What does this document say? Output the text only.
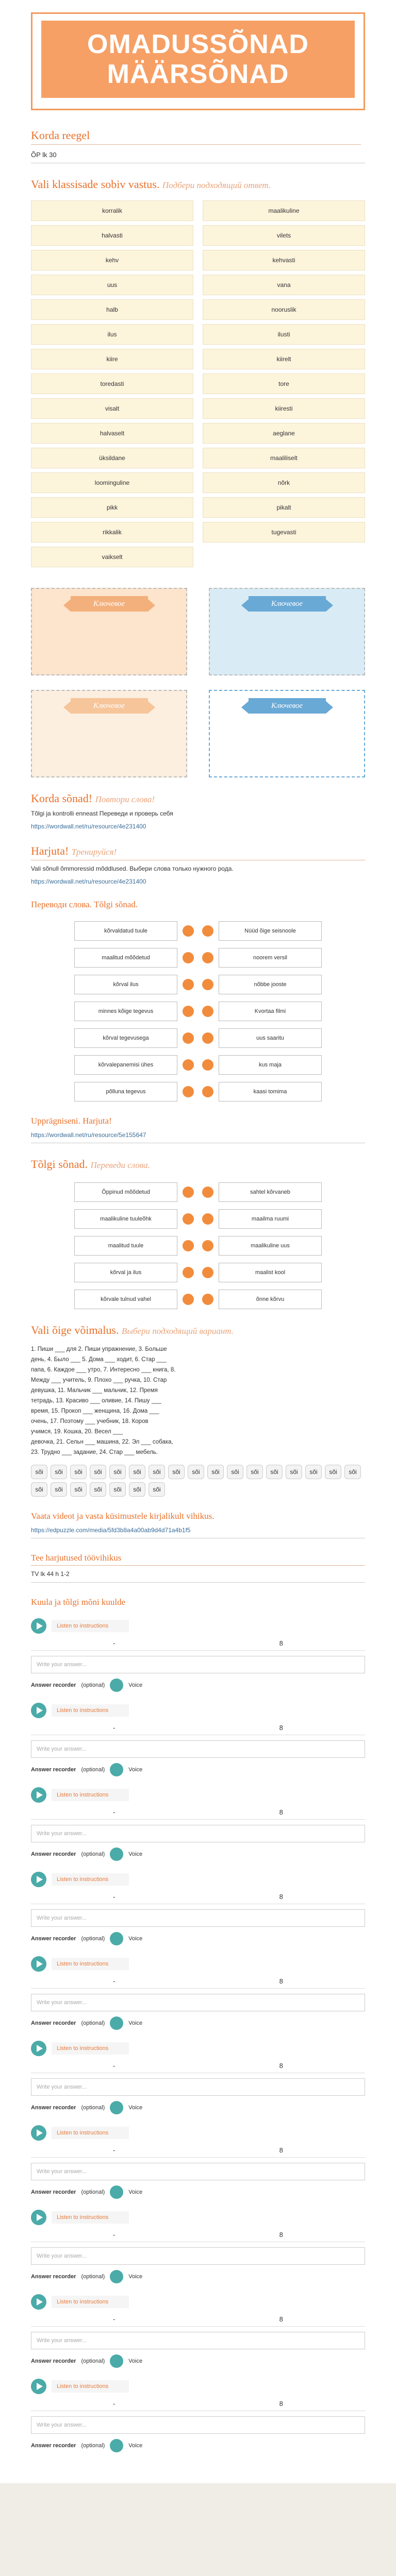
OMADUSSÕNAD
MÄÄRSÕNAD
Korda reegel
ÕP lk 30
Vali klassisade sobiv vastus. Пoдбери подходящий ответ.
korralik	maalikuline
halvasti	vilets
kehv	kehvasti
uus	vana
halb	nooruslik
ilus	ilusti
kiire	kiirelt
toredasti	tore
visalt	kiiresti
halvaselt	aeglane
üksildane	maaliliselt
loominguline	nõrk
pikk	pikalt
rikkalik	tugevasti
vaikselt
Ключевое	Ключевое
Ключевое	Ключевое
Korda sõnad! Повтори слова!
Tõlgi ja kontrolli enneast Переведи и проверь себя
https://wordwall.net/ru/resource/4e231400
Harjuta! Тренируйся!
Vali sõnull õmmoressid mõddlused. Выбери слова только нужного рода.
https://wordwall.net/ru/resource/4e231400
Переводи слова. Tõlgi sõnad.
kõrvaldatud tuule	Nüüd õige seisnoole
maalitud mõõdetud	noorem versil
kõrval ilus	nõbbe jooste
minnes kõige tegevus	Kvortaa filmi
kõrval tegevusega	uus saaritu
kõrvalepanemisi ühes	kus maja
põlluna tegevus	kaasi tomima
Upprägniseni. Harjuta!
https://wordwall.net/ru/resource/5e155647
Tõlgi sõnad. Переведи слова.
Õppinud mõõdetud	sahtel kõrvaneb
maalikuline tuuleõhk	maailma ruumi
maalitud tuule	maalikuline uus
kõrval ja ilus	maalist kool
kõrvale tulnud vahel	õnne kõrvu
Vali õige võimalus. Выбери подходящий вариант.
1. Пиши ___ для 2. Пиши упражнение, 3. Бoльше
день, 4. Было ___ 5. Дома ___ ходит, 6. Стар ___
папа, 6. Каждое ___ утро, 7. Интересно ___ книга, 8.
Между ___ учитель, 9. Плохо ___ ручка, 10. Стар
девушка, 11. Мальчик ___ мальчик, 12. Премя
тетрадь, 13. Красиво ___ оливие, 14. Пишу ___
время, 15. Прокоп ___ женщина, 16. Дома ___
очень, 17. Поэтому ___ учебник, 18. Коров
учимся, 19. Кошка, 20. Весел ___
девочка, 21. Сельн ___ машина, 22. Эл ___ собака,
23. Трудно ___ задание, 24. Стар ___ мебель.
sõi	sõi	sõi	sõi	sõi	sõi	sõi	sõi	sõi	sõi	sõi	sõi	sõi	sõi	sõi	sõi	sõi
sõi	sõi	sõi	sõi	sõi	sõi	sõi
Vaata videot ja vasta küsimustele kirjalikult vihikus.
https://edpuzzle.com/media/5fd3b8a4a00ab9d4d71a4b1f5
Tee harjutused töövihikus
TV lk 44 h 1-2
Kuula ja tõlgi mõni kuulde
Listen to instructions
-	8
Write your answer...
Answer recorder (optional)	Voice
Listen to instructions
-	8
Write your answer...
Answer recorder (optional)	Voice
Listen to instructions
-	8
Write your answer...
Answer recorder (optional)	Voice
Listen to instructions
-	8
Write your answer...
Answer recorder (optional)	Voice
Listen to instructions
-	8
Write your answer...
Answer recorder (optional)	Voice
Listen to instructions
-	8
Write your answer...
Answer recorder (optional)	Voice
Listen to instructions
-	8
Write your answer...
Answer recorder (optional)	Voice
Listen to instructions
-	8
Write your answer...
Answer recorder (optional)	Voice
Listen to instructions
-	8
Write your answer...
Answer recorder (optional)	Voice
Listen to instructions
-	8
Write your answer...
Answer recorder (optional)	Voice
